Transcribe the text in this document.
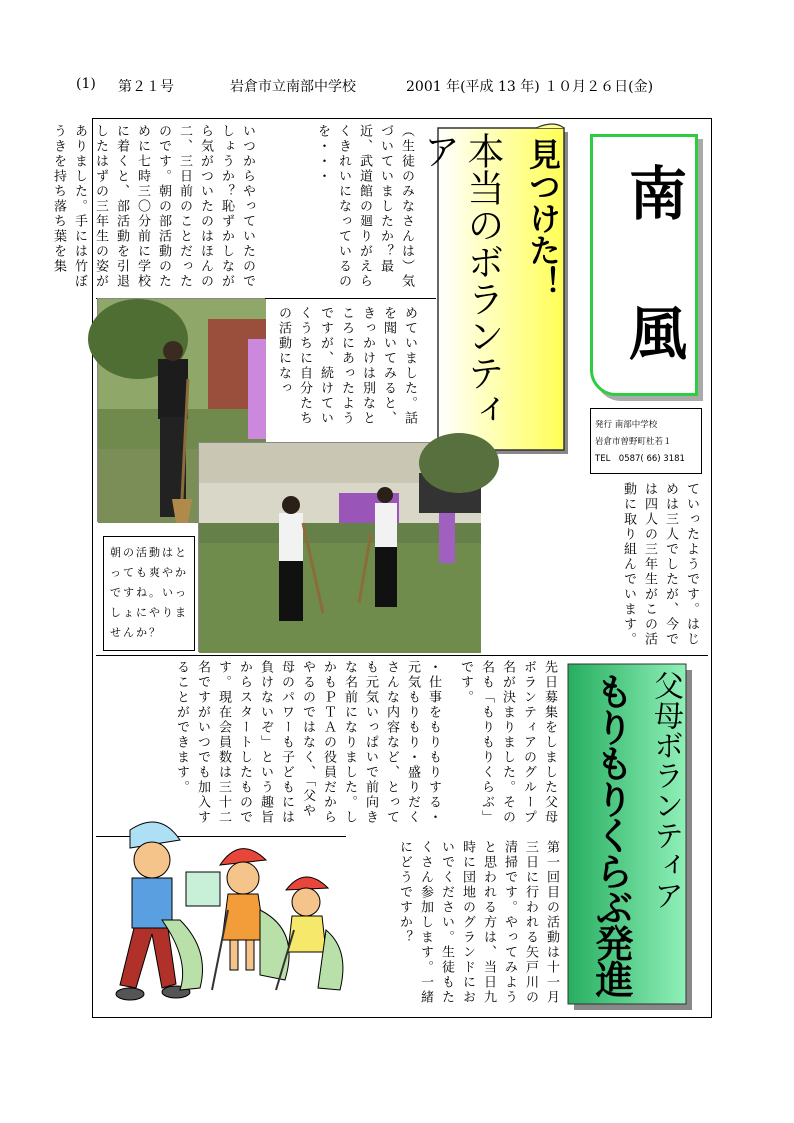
(1) 第２１号	岩倉市立南部中学校	2001 年(平成 13 年) １０月２６日(金)
（生徒のみなさんは）気づいていましたか？最近、武道館の廻りがえらくきれいになっているのを・・・
いつからやっていたのでしょうか？恥ずかしながら気がついたのはほんの二、三日前のことだったのです。朝の部活動のために七時三〇分前に学校に着くと、部活動を引退したはずの三年生の姿がありました。手には竹ぼうきを持ち落ち葉を集
めていました。話を聞いてみると、きっかけは別なところにあったようですが、続けていくうちに自分たちの活動になっ
ていったようです。はじめは三人でしたが、今では四人の三年生がこの活動に取り組んでいます。
見つけた！
本当のボランティア
南
風
発行 南部中学校
岩倉市曽野町杜若１
TEL　0587( 66) 3181
朝の活動はとっても爽やかですね。いっしょにやりませんか？
父母ボランティア
もりもりくらぶ発進
先日募集をしました父母ボランティアのグループ名が決まりました。その名も「もりもりくらぶ」です。
・仕事をもりもりする・元気もりもり・盛りだくさんな内容など、とっても元気いっぱいで前向きな名前になりました。しかもＰＴＡの役員だからやるのではなく、「父や母のパワーも子どもには負けないぞ」という趣旨からスタートしたものです。現在会員数は三十二名ですがいつでも加入することができます。
第一回目の活動は十一月三日に行われる矢戸川の清掃です。やってみようと思われる方は、当日九時に団地のグランドにおいでください。生徒もたくさん参加します。一緒にどうですか？
